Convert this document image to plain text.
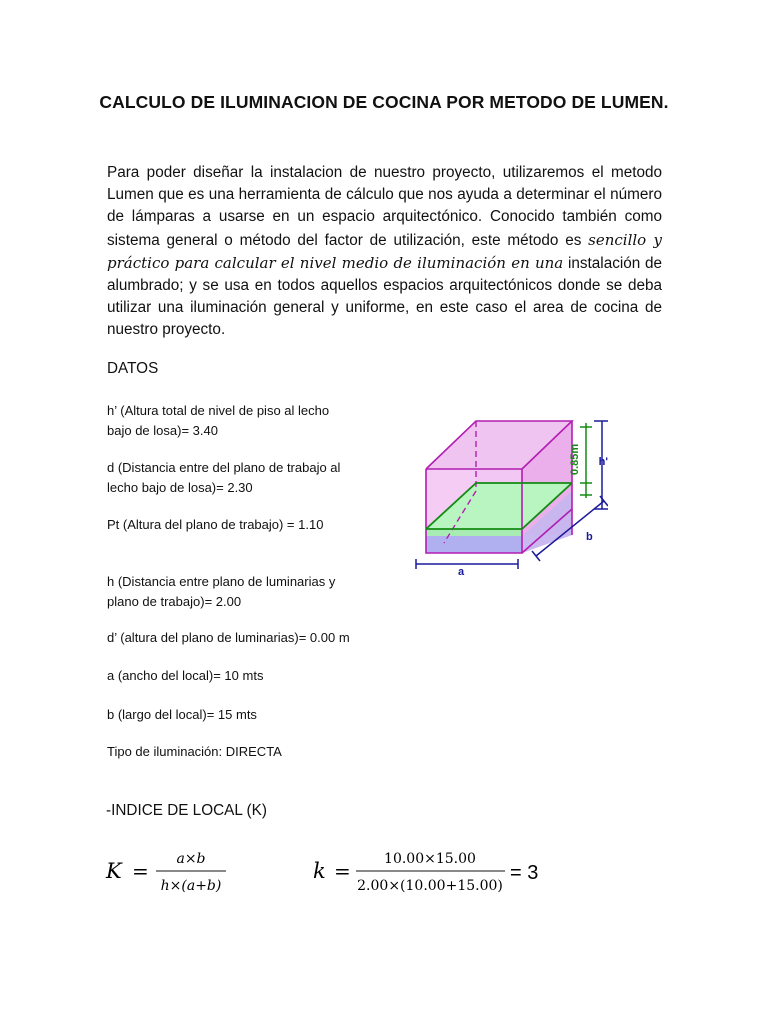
CALCULO DE ILUMINACION DE COCINA POR METODO DE LUMEN.
Para poder diseñar la instalacion de nuestro proyecto, utilizaremos el metodo Lumen que es una herramienta de cálculo que nos ayuda a determinar el número de lámparas a usarse en un espacio arquitectónico. Conocido también como sistema general o método del factor de utilización, este método es sencillo y práctico para calcular el nivel medio de iluminación en una instalación de alumbrado; y se usa en todos aquellos espacios arquitectónicos donde se deba utilizar una iluminación general y uniforme, en este caso el area de cocina de nuestro proyecto.
DATOS
h’ (Altura total de nivel de piso al lecho bajo de losa)= 3.40
d (Distancia entre del plano de trabajo al lecho bajo de losa)= 2.30
Pt (Altura del plano de trabajo) = 1.10
h (Distancia entre plano de luminarias y plano de trabajo)= 2.00
d’ (altura del plano de luminarias)= 0.00 m
a (ancho del local)= 10 mts
b (largo del local)= 15 mts
Tipo de iluminación: DIRECTA
0.85m h'
b
a
-INDICE DE LOCAL (K)
K = a×b
h×(a+b)
k = 10.00×15.00
2.00×(10.00+15.00)
= 3
